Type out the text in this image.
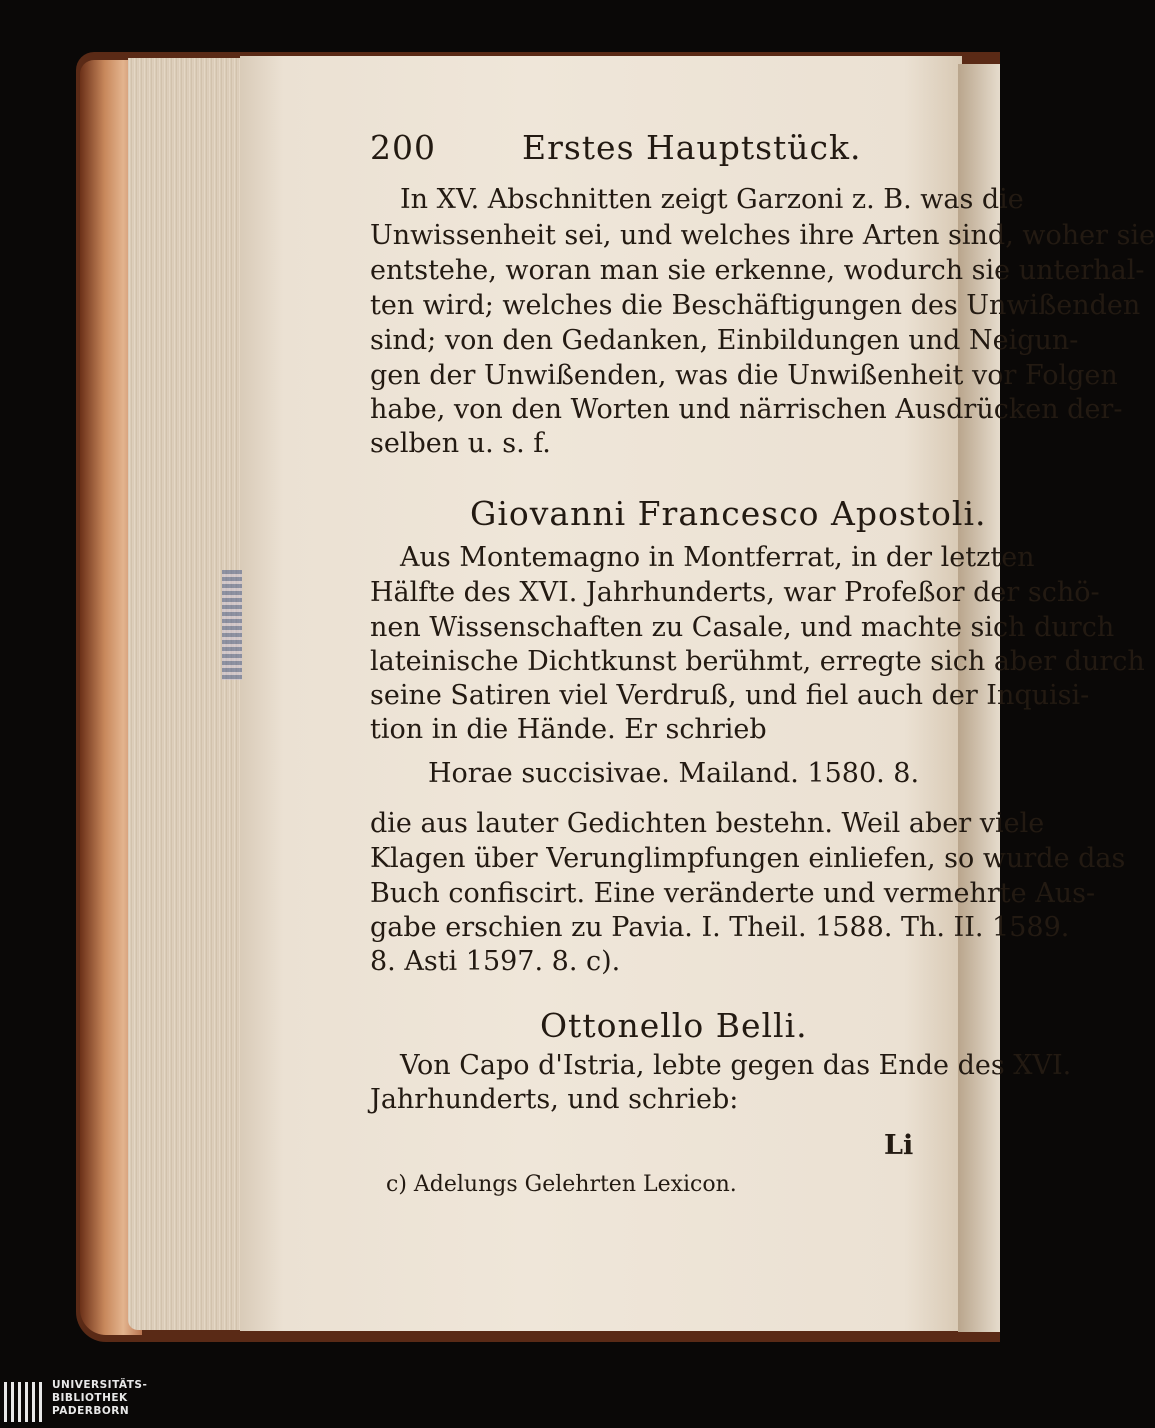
200	Erstes Hauptstück.
In XV. Abschnitten zeigt Garzoni z. B. was die
Unwissenheit sei, und welches ihre Arten sind, woher sie
entstehe, woran man sie erkenne, wodurch sie unterhal-
ten wird; welches die Beschäftigungen des Unwißenden
sind; von den Gedanken, Einbildungen und Neigun-
gen der Unwißenden, was die Unwißenheit vor Folgen
habe, von den Worten und närrischen Ausdrücken der-
selben u. s. f.
Giovanni Francesco Apostoli.
Aus Montemagno in Montferrat, in der letzten
Hälfte des XVI. Jahrhunderts, war Profeßor der schö-
nen Wissenschaften zu Casale, und machte sich durch
lateinische Dichtkunst berühmt, erregte sich aber durch
seine Satiren viel Verdruß, und fiel auch der Inquisi-
tion in die Hände. Er schrieb
Horae succisivae. Mailand. 1580. 8.
die aus lauter Gedichten bestehn. Weil aber viele
Klagen über Verunglimpfungen einliefen, so wurde das
Buch confiscirt. Eine veränderte und vermehrte Aus-
gabe erschien zu Pavia. I. Theil. 1588. Th. II. 1589.
8. Asti 1597. 8. c).
Ottonello Belli.
Von Capo d'Istria, lebte gegen das Ende des XVI.
Jahrhunderts, und schrieb:
Li
c) Adelungs Gelehrten Lexicon.
UNIVERSITÄTS-
BIBLIOTHEK
PADERBORN
